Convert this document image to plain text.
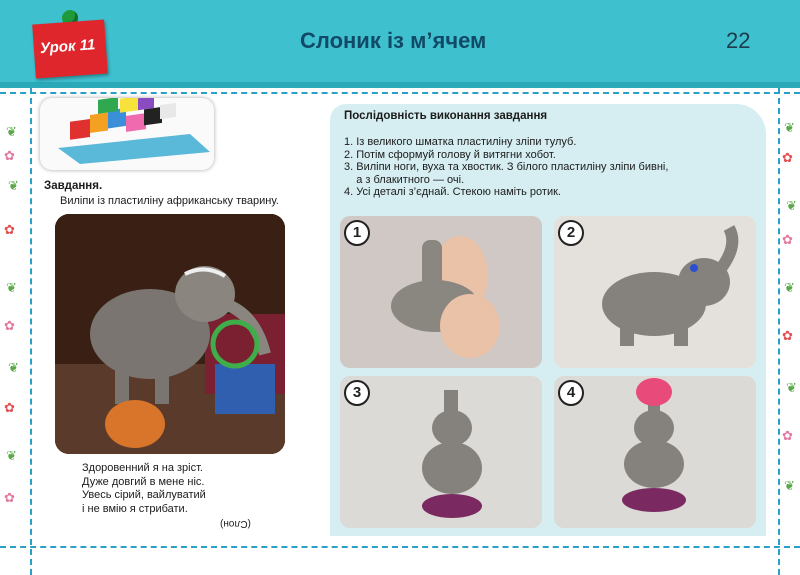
Урок 11	Слоник із м’ячем	22
❦
✿
❦
✿
❦
✿
❦
✿
❦
✿
❦
✿
❦
✿
❦
✿
❦
✿
❦
Завдання.
Виліпи із пластиліну африканську тварину.
Здоровенний я на зріст.
Дуже довгий в мене ніс.
Увесь сірий, вайлуватий
і не вмію я стрибати.
(Слон)
Послідовність виконання завдання
1. Із великого шматка пластиліну зліпи тулуб.
2. Потім сформуй голову й витягни хобот.
3. Виліпи ноги, вуха та хвостик. З білого пластиліну зліпи бивні,
а з блакитного — очі.
4. Усі деталі з’єднай. Стекою наміть ротик.
1	2
3	4
